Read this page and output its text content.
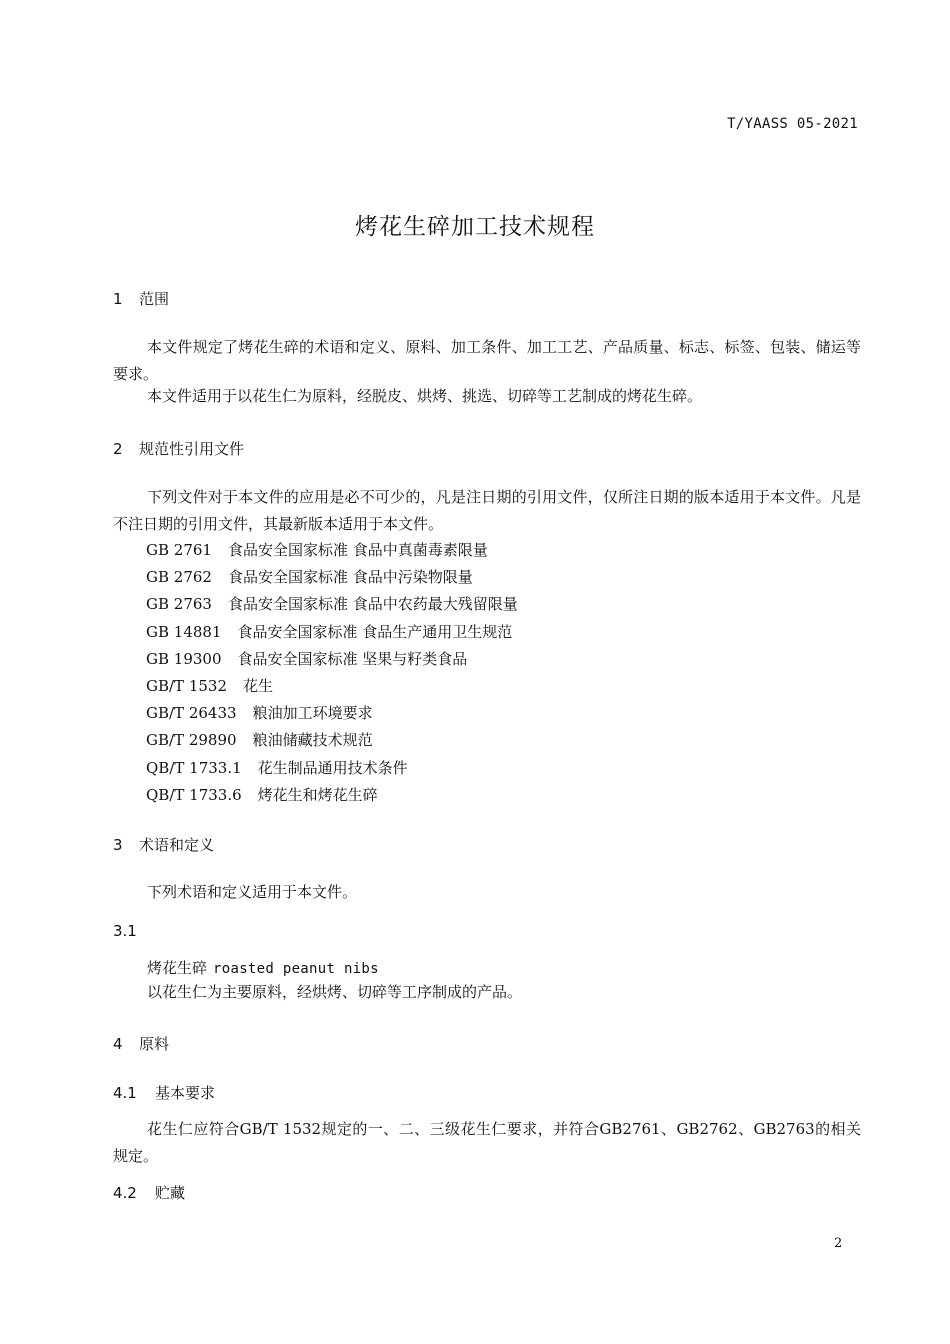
T/YAASS 05-2021
烤花生碎加工技术规程
1 范围
本文件规定了烤花生碎的术语和定义、原料、加工条件、加工工艺、产品质量、标志、标签、包装、储运等要求。
本文件适用于以花生仁为原料，经脱皮、烘烤、挑选、切碎等工艺制成的烤花生碎。
2 规范性引用文件
下列文件对于本文件的应用是必不可少的，凡是注日期的引用文件，仅所注日期的版本适用于本文件。凡是不注日期的引用文件，其最新版本适用于本文件。
GB 2761 食品安全国家标准 食品中真菌毒素限量
GB 2762 食品安全国家标准 食品中污染物限量
GB 2763 食品安全国家标准 食品中农药最大残留限量
GB 14881 食品安全国家标准 食品生产通用卫生规范
GB 19300 食品安全国家标准 坚果与籽类食品
GB/T 1532 花生
GB/T 26433 粮油加工环境要求
GB/T 29890 粮油储藏技术规范
QB/T 1733.1 花生制品通用技术条件
QB/T 1733.6 烤花生和烤花生碎
3 术语和定义
下列术语和定义适用于本文件。
3.1
烤花生碎 roasted peanut nibs
以花生仁为主要原料，经烘烤、切碎等工序制成的产品。
4 原料
4.1 基本要求
花生仁应符合GB/T 1532规定的一、二、三级花生仁要求，并符合GB2761、GB2762、GB2763的相关规定。
4.2 贮藏
2
